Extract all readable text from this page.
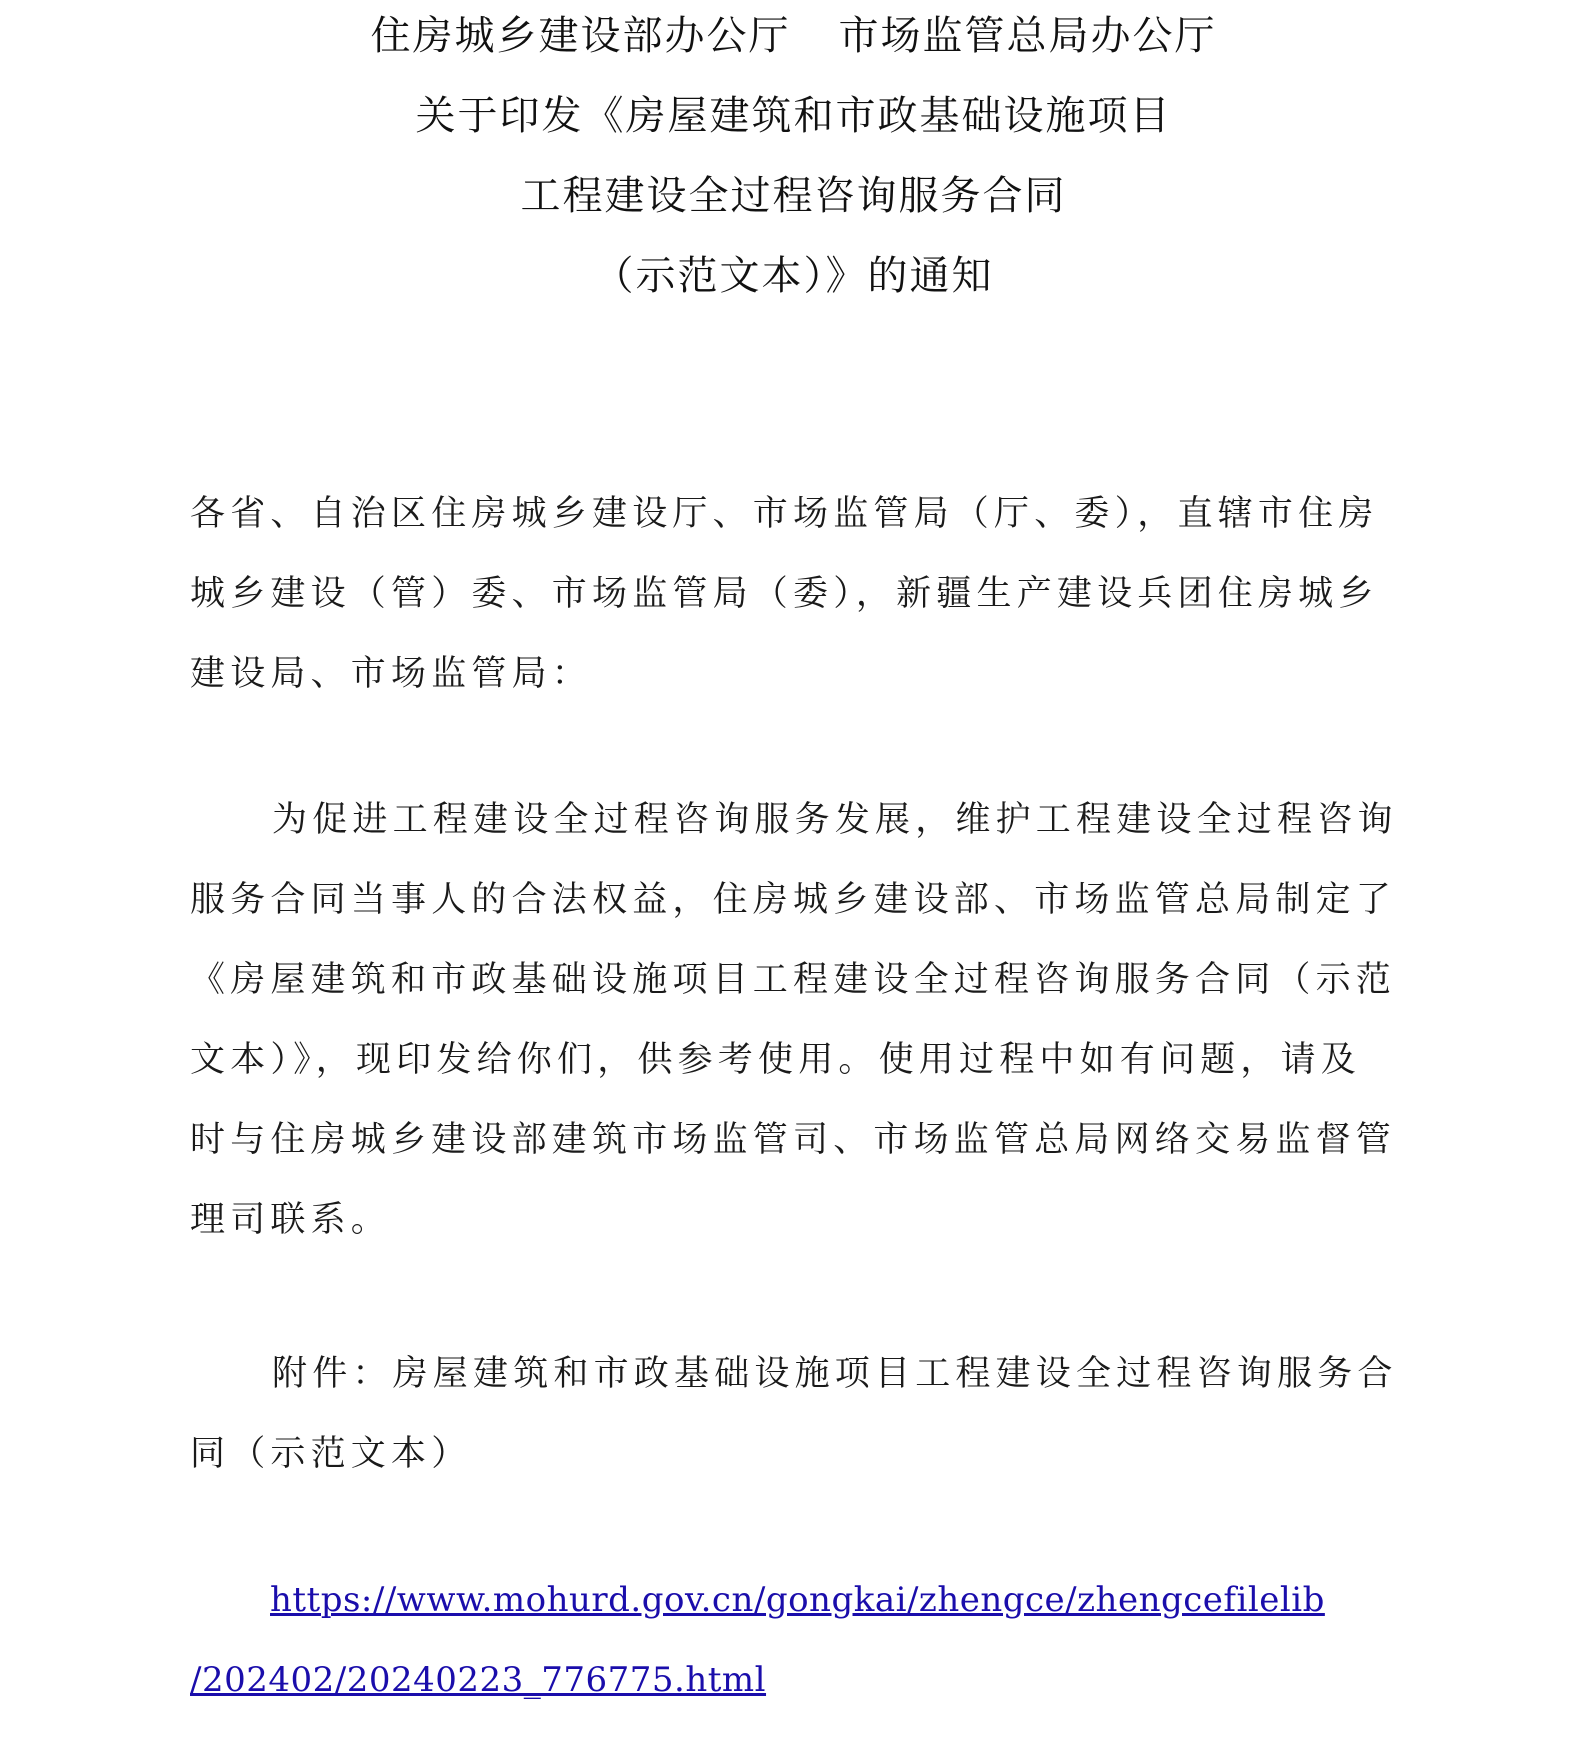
住房城乡建设部办公厅 市场监管总局办公厅
关于印发《房屋建筑和市政基础设施项目
工程建设全过程咨询服务合同
（示范文本）》的通知
各省、自治区住房城乡建设厅、市场监管局（厅、委），直辖市住房
城乡建设（管）委、市场监管局（委），新疆生产建设兵团住房城乡
建设局、市场监管局：
为促进工程建设全过程咨询服务发展，维护工程建设全过程咨询
服务合同当事人的合法权益，住房城乡建设部、市场监管总局制定了
《房屋建筑和市政基础设施项目工程建设全过程咨询服务合同（示范
文本）》，现印发给你们，供参考使用。使用过程中如有问题，请及
时与住房城乡建设部建筑市场监管司、市场监管总局网络交易监督管
理司联系。
附件：房屋建筑和市政基础设施项目工程建设全过程咨询服务合
同（示范文本）
https://www.mohurd.gov.cn/gongkai/zhengce/zhengcefilelib
/202402/20240223_776775.html
